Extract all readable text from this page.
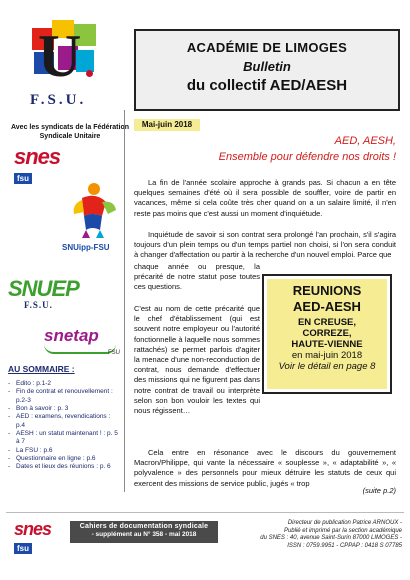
U
F.S.U.
Avec les syndicats de la Fédération Syndicale Unitaire
snes
fsu
SNUipp-FSU
SNUEP
F.S.U.
snetap
FSU
AU SOMMAIRE :
- Edito : p.1-2
- Fin de contrat et renouvellement : p.2-3
- Bon à savoir : p. 3
- AED : examens, revendications : p.4
- AESH : un statut maintenant ! : p. 5 à 7
- La FSU : p.6
- Questionnaire en ligne : p.6
- Dates et lieux des réunions : p. 6
ACADÉMIE DE LIMOGES
Bulletin
du collectif AED/AESH
Mai-juin 2018
AED, AESH,
Ensemble pour défendre nos droits !
La fin de l'année scolaire approche à grands pas. Si chacun a en tête quelques semaines d'été où il sera possible de souffler, voire de partir en vacances, même si cela coûte très cher quand on a un salaire limité, il n'en reste pas moins que c'est aussi un moment d'inquiétude.
Inquiétude de savoir si son contrat sera prolongé l'an prochain, s'il s'agira toujours d'un plein temps ou d'un temps partiel non choisi, si l'on sera conduit à changer d'affectation ou partir à la recherche d'un nouvel emploi. Parce que
chaque année ou presque, la précarité de notre statut pose toutes ces questions.
C'est au nom de cette précarité que le chef d'établissement (qui est souvent notre employeur ou l'autorité fonctionnelle à laquelle nous sommes rattachés) se permet parfois d'agiter la menace d'une non-reconduction de contrat, nous demande d'effectuer des missions qui ne figurent pas dans notre contrat de travail ou interprète selon son bon vouloir les textes qui nous régissent…
Cela entre en résonance avec le discours du gouvernement Macron/Philippe, qui vante la nécessaire « souplesse », « adaptabilité », « polyvalence » des personnels pour mieux détruire les statuts de ceux qui exercent des missions de service public, jugés « trop
(suite p.2)
REUNIONS
AED-AESH
EN CREUSE,
CORREZE,
HAUTE-VIENNE
en mai-juin 2018
Voir le détail en page 8
snes
fsu
Cahiers de documentation syndicale
- supplément au N° 358 - mai 2018
Directeur de publication Patrice ARNOUX -
Publié et imprimé par la section académique
du SNES : 40, avenue Saint-Surin 87000 LIMOGES -
ISSN : 0759.9951 - CPPAP : 0418 S 07785
